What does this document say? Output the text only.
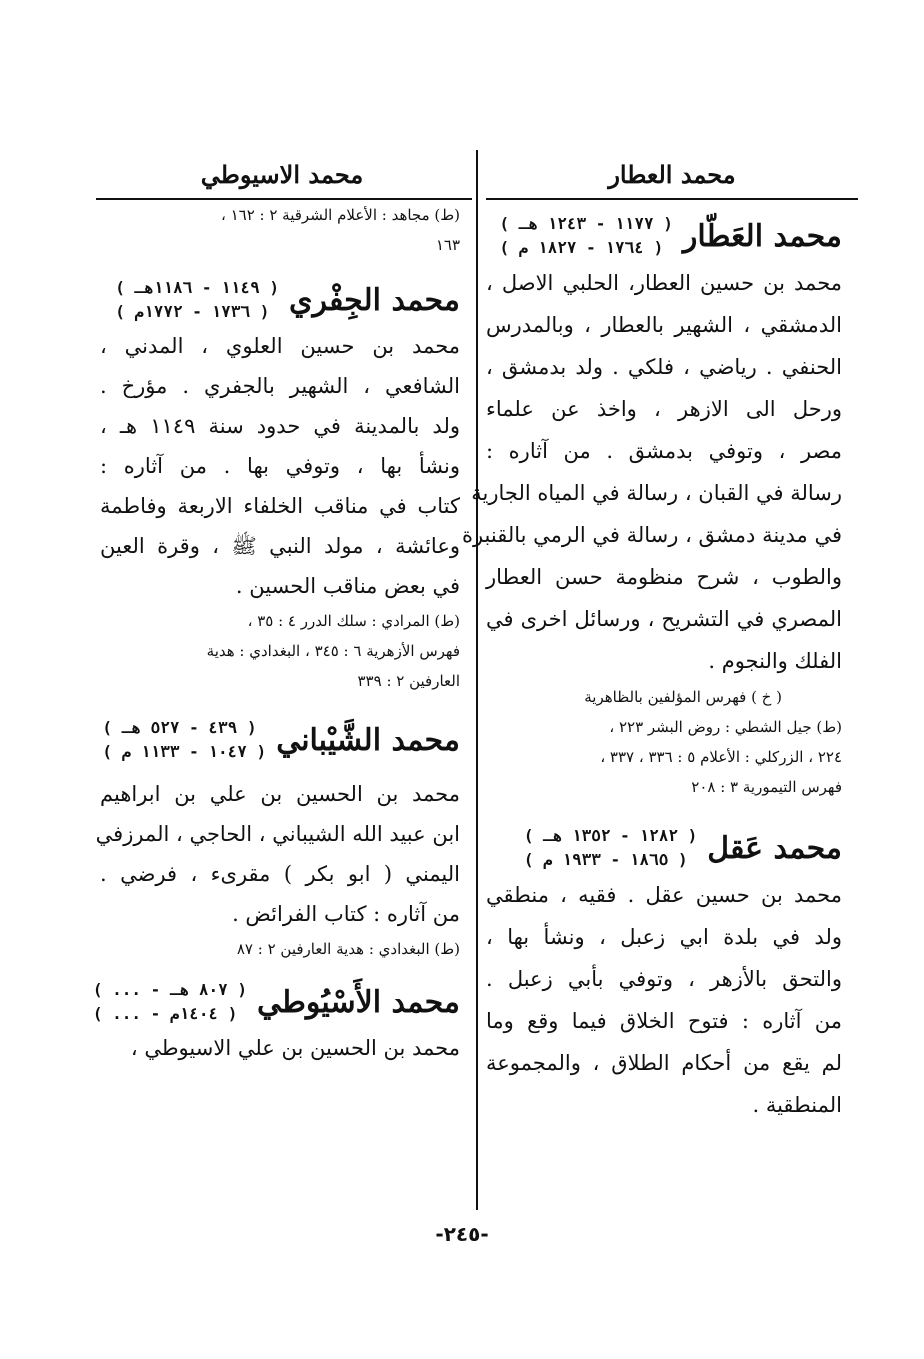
محمد العطار
محمد الاسيوطي
محمد العَطّار
( ١١٧٧ - ١٢٤٣ هـ )
( ١٧٦٤ - ١٨٢٧ م )
محمد بن حسين العطار، الحلبي الاصل ،
الدمشقي ، الشهير بالعطار ، وبالمدرس
الحنفي . رياضي ، فلكي . ولد بدمشق ،
ورحل الى الازهر ، واخذ عن علماء
مصر ، وتوفي بدمشق . من آثاره :
رسالة في القبان ، رسالة في المياه الجارية
في مدينة دمشق ، رسالة في الرمي بالقنبرة
والطوب ، شرح منظومة حسن العطار
المصري في التشريح ، ورسائل اخرى في
الفلك والنجوم .
( خ ) فهرس المؤلفين بالظاهرية
(ط) جيل الشطي : روض البشر ٢٢٣ ،
٢٢٤ ، الزركلي : الأعلام ٥ : ٣٣٦ ، ٣٣٧ ،
فهرس التيمورية ٣ : ٢٠٨
محمد عَقل
( ١٢٨٢ - ١٣٥٢ هـ )
( ١٨٦٥ - ١٩٣٣ م )
محمد بن حسين عقل . فقيه ، منطقي
ولد في بلدة ابي زعبل ، ونشأ بها ،
والتحق بالأزهر ، وتوفي بأبي زعبل .
من آثاره : فتوح الخلاق فيما وقع وما
لم يقع من أحكام الطلاق ، والمجموعة
المنطقية .
(ط) مجاهد : الأعلام الشرقية ٢ : ١٦٢ ،
١٦٣
محمد الجِفْري
( ١١٤٩ - ١١٨٦هـ )
( ١٧٣٦ - ١٧٧٢م )
محمد بن حسين العلوي ، المدني ،
الشافعي ، الشهير بالجفري . مؤرخ .
ولد بالمدينة في حدود سنة ١١٤٩ هـ ،
ونشأ بها ، وتوفي بها . من آثاره :
كتاب في مناقب الخلفاء الاربعة وفاطمة
وعائشة ، مولد النبي ﷺ ، وقرة العين
في بعض مناقب الحسين .
(ط) المرادي : سلك الدرر ٤ : ٣٥ ،
فهرس الأزهرية ٦ : ٣٤٥ ، البغدادي : هدية
العارفين ٢ : ٣٣٩
محمد الشَّيْباني
( ٤٣٩ - ٥٢٧ هـ )
( ١٠٤٧ - ١١٣٣ م )
محمد بن الحسين بن علي بن ابراهيم
ابن عبيد الله الشيباني ، الحاجي ، المرزفي
اليمني ( ابو بكر ) مقرىء ، فرضي .
من آثاره : كتاب الفرائض .
(ط) البغدادي : هدية العارفين ٢ : ٨٧
محمد الأَسْيُوطي
( ... - ٨٠٧ هـ )
( ... - ١٤٠٤م )
محمد بن الحسين بن علي الاسيوطي ،
-٢٤٥-
